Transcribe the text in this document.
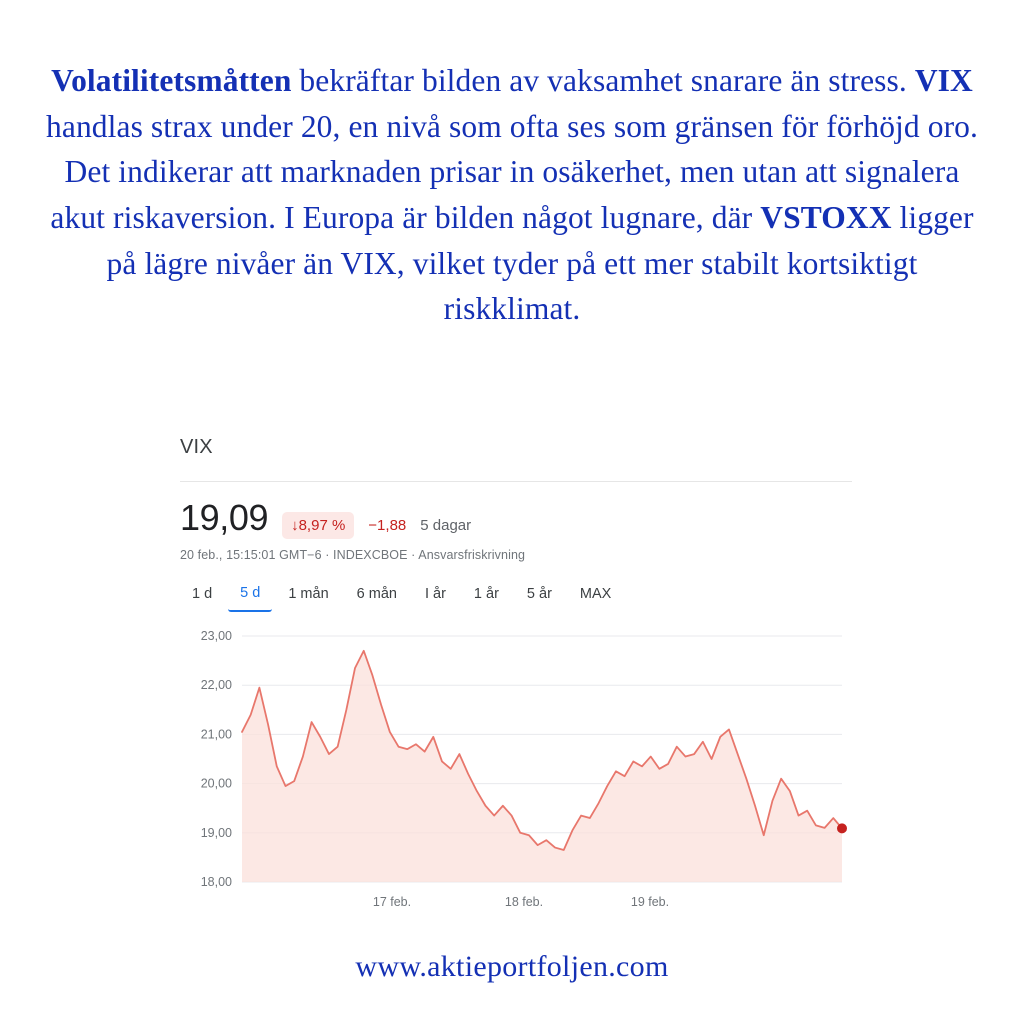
Volatilitetsmåtten bekräftar bilden av vaksamhet snarare än stress. VIX handlas strax under 20, en nivå som ofta ses som gränsen för förhöjd oro. Det indikerar att marknaden prisar in osäkerhet, men utan att signalera akut riskaversion. I Europa är bilden något lugnare, där VSTOXX ligger på lägre nivåer än VIX, vilket tyder på ett mer stabilt kortsiktigt riskklimat.
VIX
19,09	↓8,97 %	−1,88 5 dagar
20 feb., 15:15:01 GMT−6 · INDEXCBOE · Ansvarsfriskrivning
1 d	5 d	1 mån	6 mån	I år	1 år	5 år	MAX
18,00
19,00
20,00
21,00
22,00
23,00
17 feb.	18 feb.	19 feb.
www.aktieportfoljen.com
